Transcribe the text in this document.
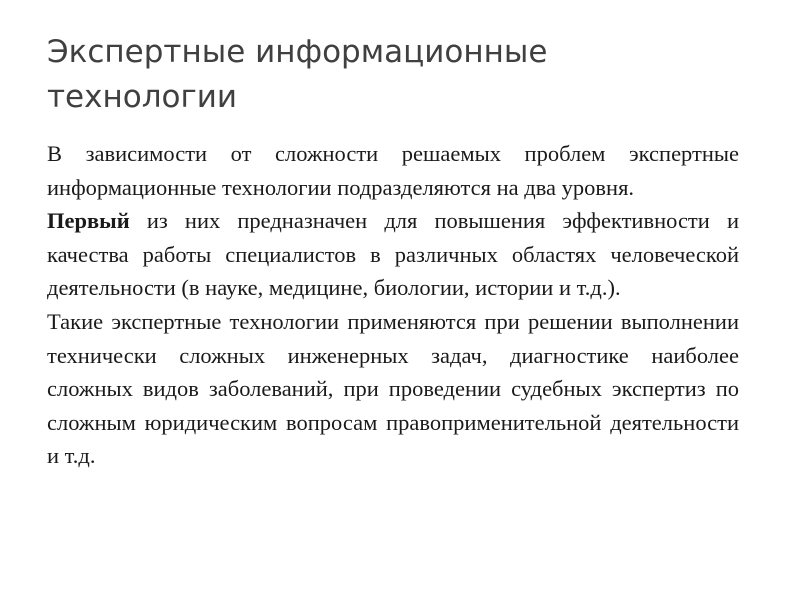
Экспертные информационные технологии

В зависимости от сложности решаемых проблем экспертные информационные технологии подразделяются на два уровня.

Первый из них предназначен для повышения эффективности и качества работы специалистов в различных областях человеческой деятельности (в науке, медицине, биологии, истории и т.д.).

Такие экспертные технологии применяются при решении выполнении технически сложных инженерных задач, диагностике наиболее сложных видов заболеваний, при проведении судебных экспертиз по сложным юридическим вопросам правоприменительной деятельности и т.д.
